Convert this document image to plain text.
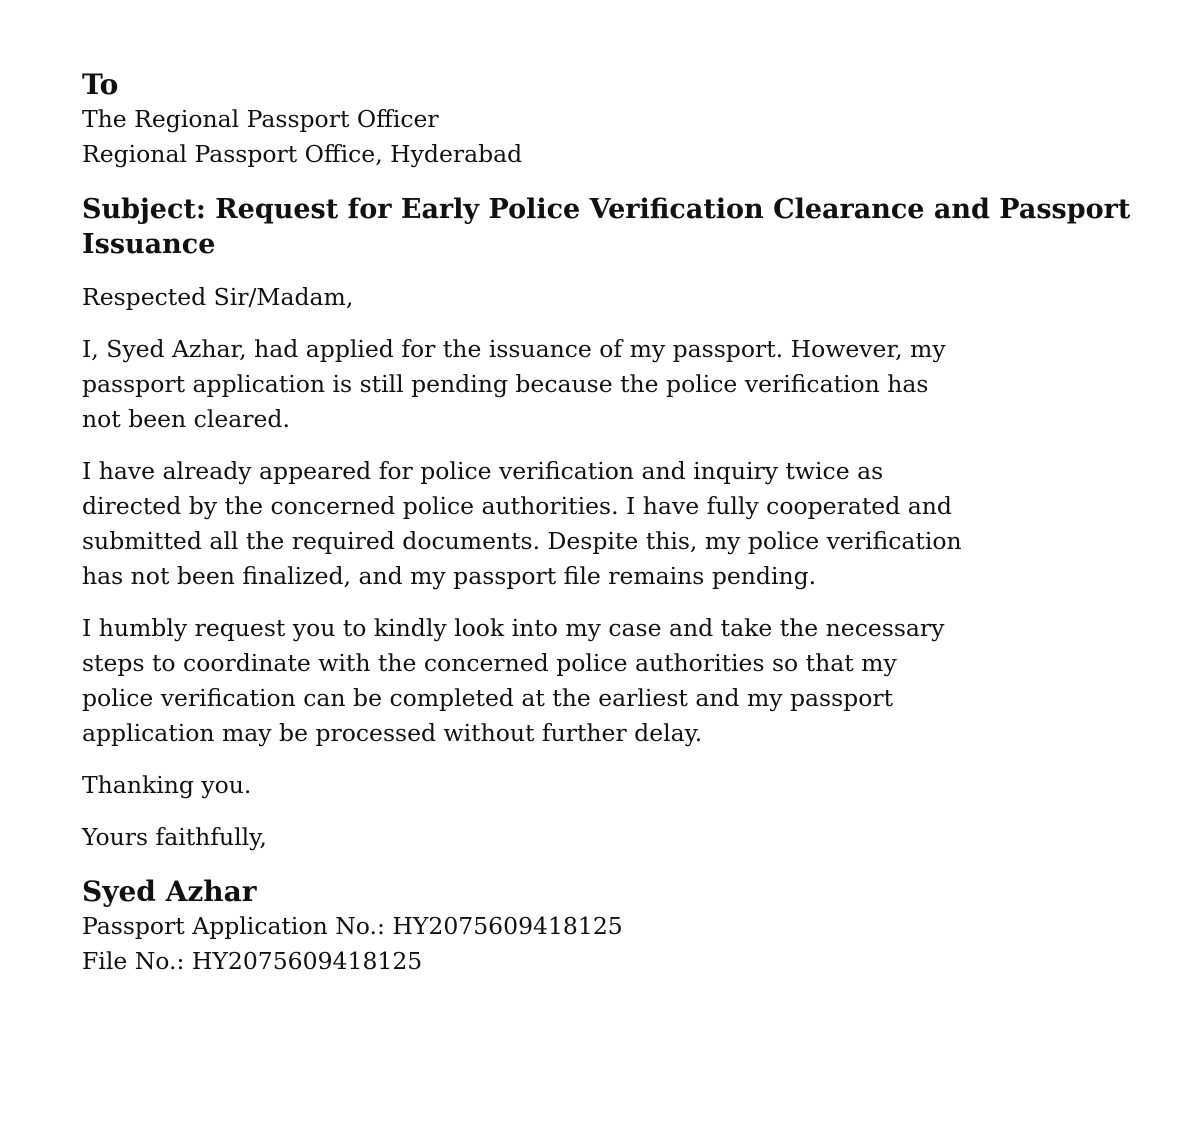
To
The Regional Passport Officer
Regional Passport Office, Hyderabad
Subject: Request for Early Police Verification Clearance and Passport Issuance
Respected Sir/Madam,
I, Syed Azhar, had applied for the issuance of my passport. However, my passport application is still pending because the police verification has not been cleared.
I have already appeared for police verification and inquiry twice as directed by the concerned police authorities. I have fully cooperated and submitted all the required documents. Despite this, my police verification has not been finalized, and my passport file remains pending.
I humbly request you to kindly look into my case and take the necessary steps to coordinate with the concerned police authorities so that my police verification can be completed at the earliest and my passport application may be processed without further delay.
Thanking you.
Yours faithfully,
Syed Azhar
Passport Application No.: HY2075609418125
File No.: HY2075609418125
